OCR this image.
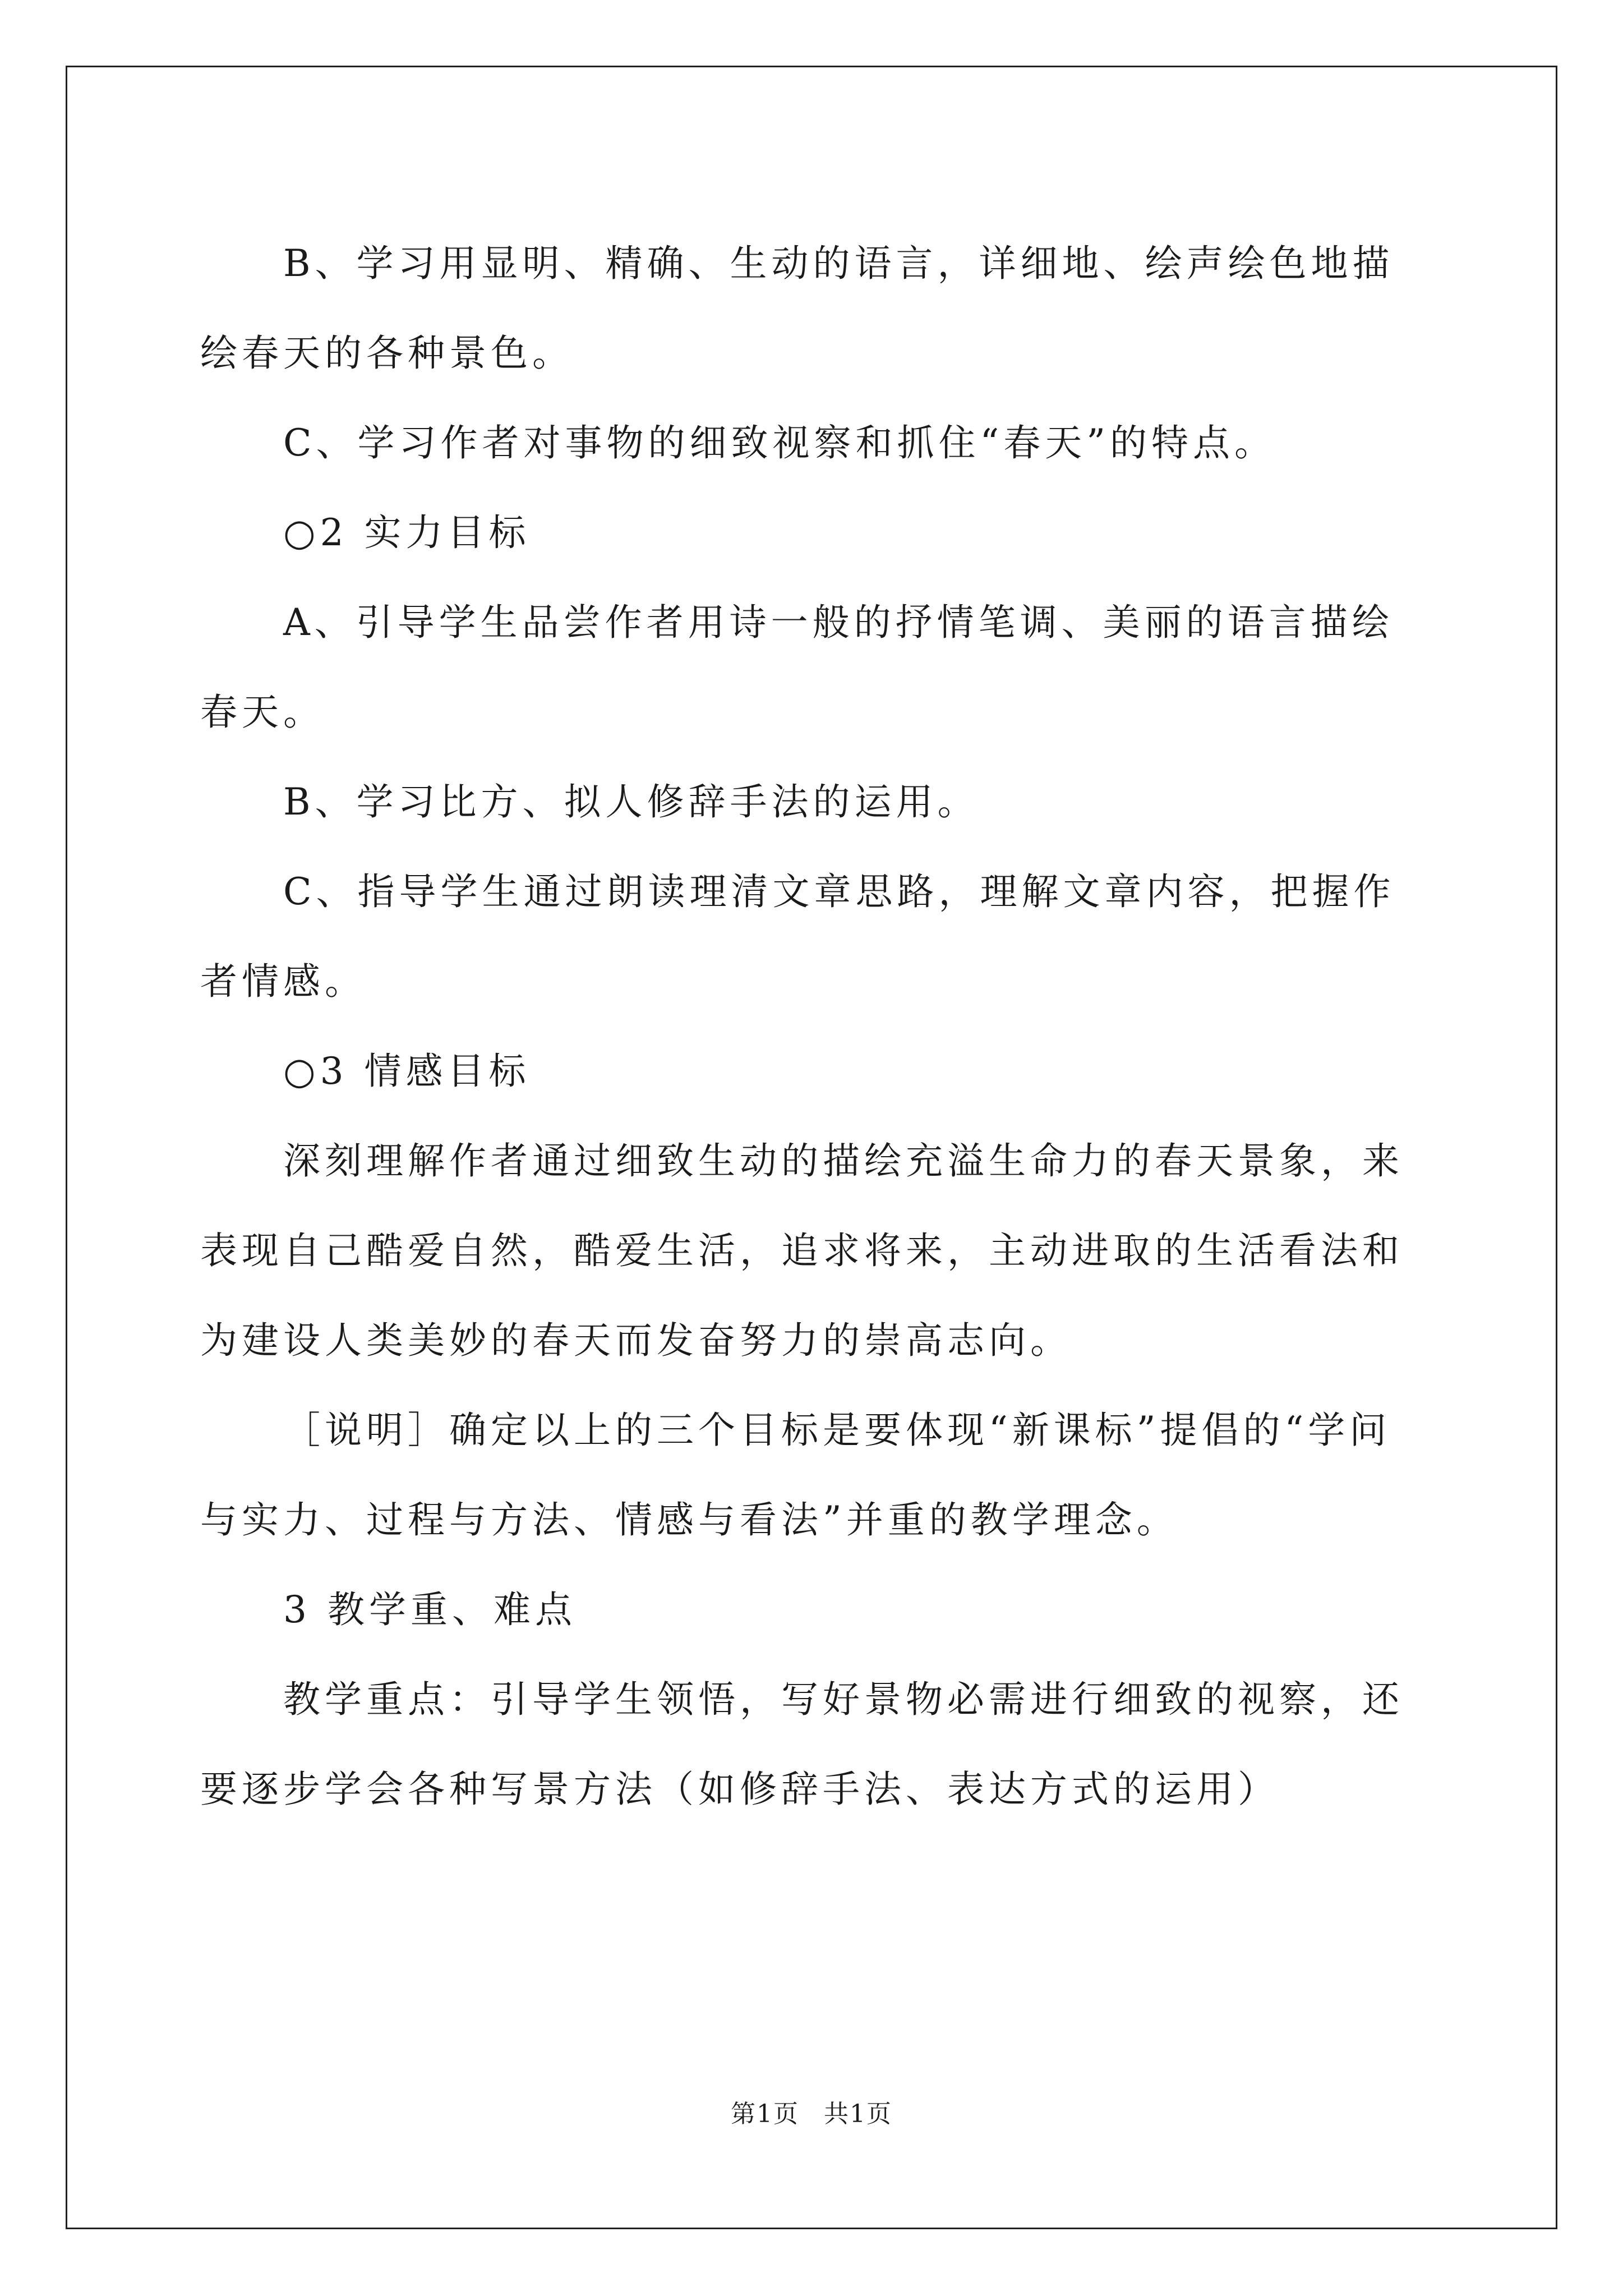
B、学习用显明、精确、生动的语言，详细地、绘声绘色地描绘春天的各种景色。

C、学习作者对事物的细致视察和抓住“春天”的特点。

○2 实力目标

A、引导学生品尝作者用诗一般的抒情笔调、美丽的语言描绘春天。

B、学习比方、拟人修辞手法的运用。

C、指导学生通过朗读理清文章思路，理解文章内容，把握作者情感。

○3 情感目标

深刻理解作者通过细致生动的描绘充溢生命力的春天景象，来表现自己酷爱自然，酷爱生活，追求将来，主动进取的生活看法和为建设人类美妙的春天而发奋努力的崇高志向。

［说明］确定以上的三个目标是要体现“新课标”提倡的“学问与实力、过程与方法、情感与看法”并重的教学理念。

3 教学重、难点

教学重点：引导学生领悟，写好景物必需进行细致的视察，还要逐步学会各种写景方法（如修辞手法、表达方式的运用）

第1页 共1页
